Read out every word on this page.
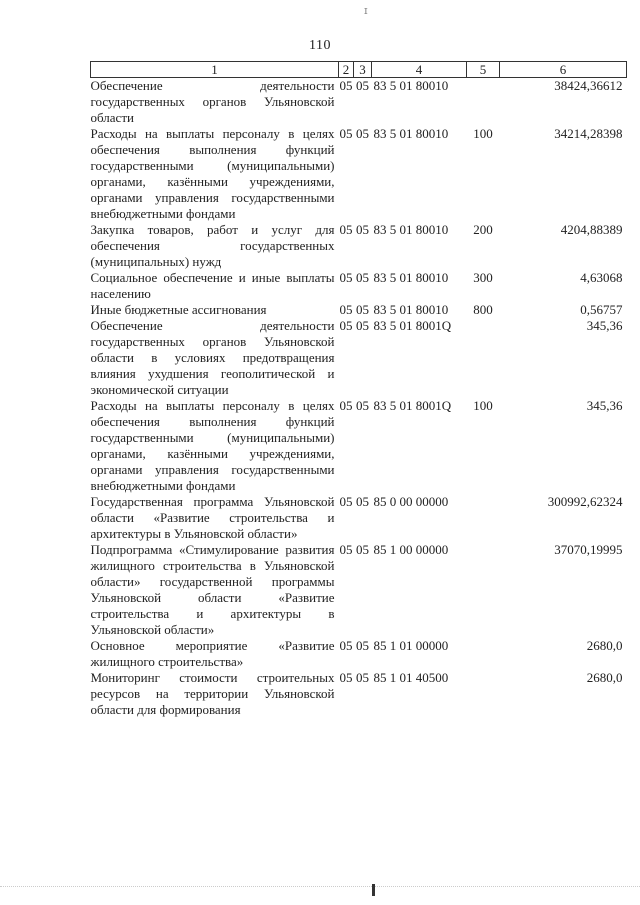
ɪ
110
1	2	3	4	5	6
Обеспечение деятельности государственных органов Ульяновской области	05	05	83 5 01 80010		38424,36612
Расходы на выплаты персоналу в целях обеспечения выполнения функций государственными (муниципальными) органами, казёнными учреждениями, органами управления государственными внебюджетными фондами	05	05	83 5 01 80010	100	34214,28398
Закупка товаров, работ и услуг для обеспечения государственных (муниципальных) нужд	05	05	83 5 01 80010	200	4204,88389
Социальное обеспечение и иные выплаты населению	05	05	83 5 01 80010	300	4,63068
Иные бюджетные ассигнования	05	05	83 5 01 80010	800	0,56757
Обеспечение деятельности государственных органов Ульяновской области в условиях предотвращения влияния ухудшения геополитической и экономической ситуации	05	05	83 5 01 8001Q		345,36
Расходы на выплаты персоналу в целях обеспечения выполнения функций государственными (муниципальными) органами, казёнными учреждениями, органами управления государственными внебюджетными фондами	05	05	83 5 01 8001Q	100	345,36
Государственная программа Ульяновской области «Развитие строительства и архитектуры в Ульяновской области»	05	05	85 0 00 00000		300992,62324
Подпрограмма «Стимулирование развития жилищного строительства в Ульяновской области» государственной программы Ульяновской области «Развитие строительства и архитектуры в Ульяновской области»	05	05	85 1 00 00000		37070,19995
Основное мероприятие «Развитие жилищного строительства»	05	05	85 1 01 00000		2680,0
Мониторинг стоимости строительных ресурсов на территории Ульяновской области для формирования	05	05	85 1 01 40500		2680,0
